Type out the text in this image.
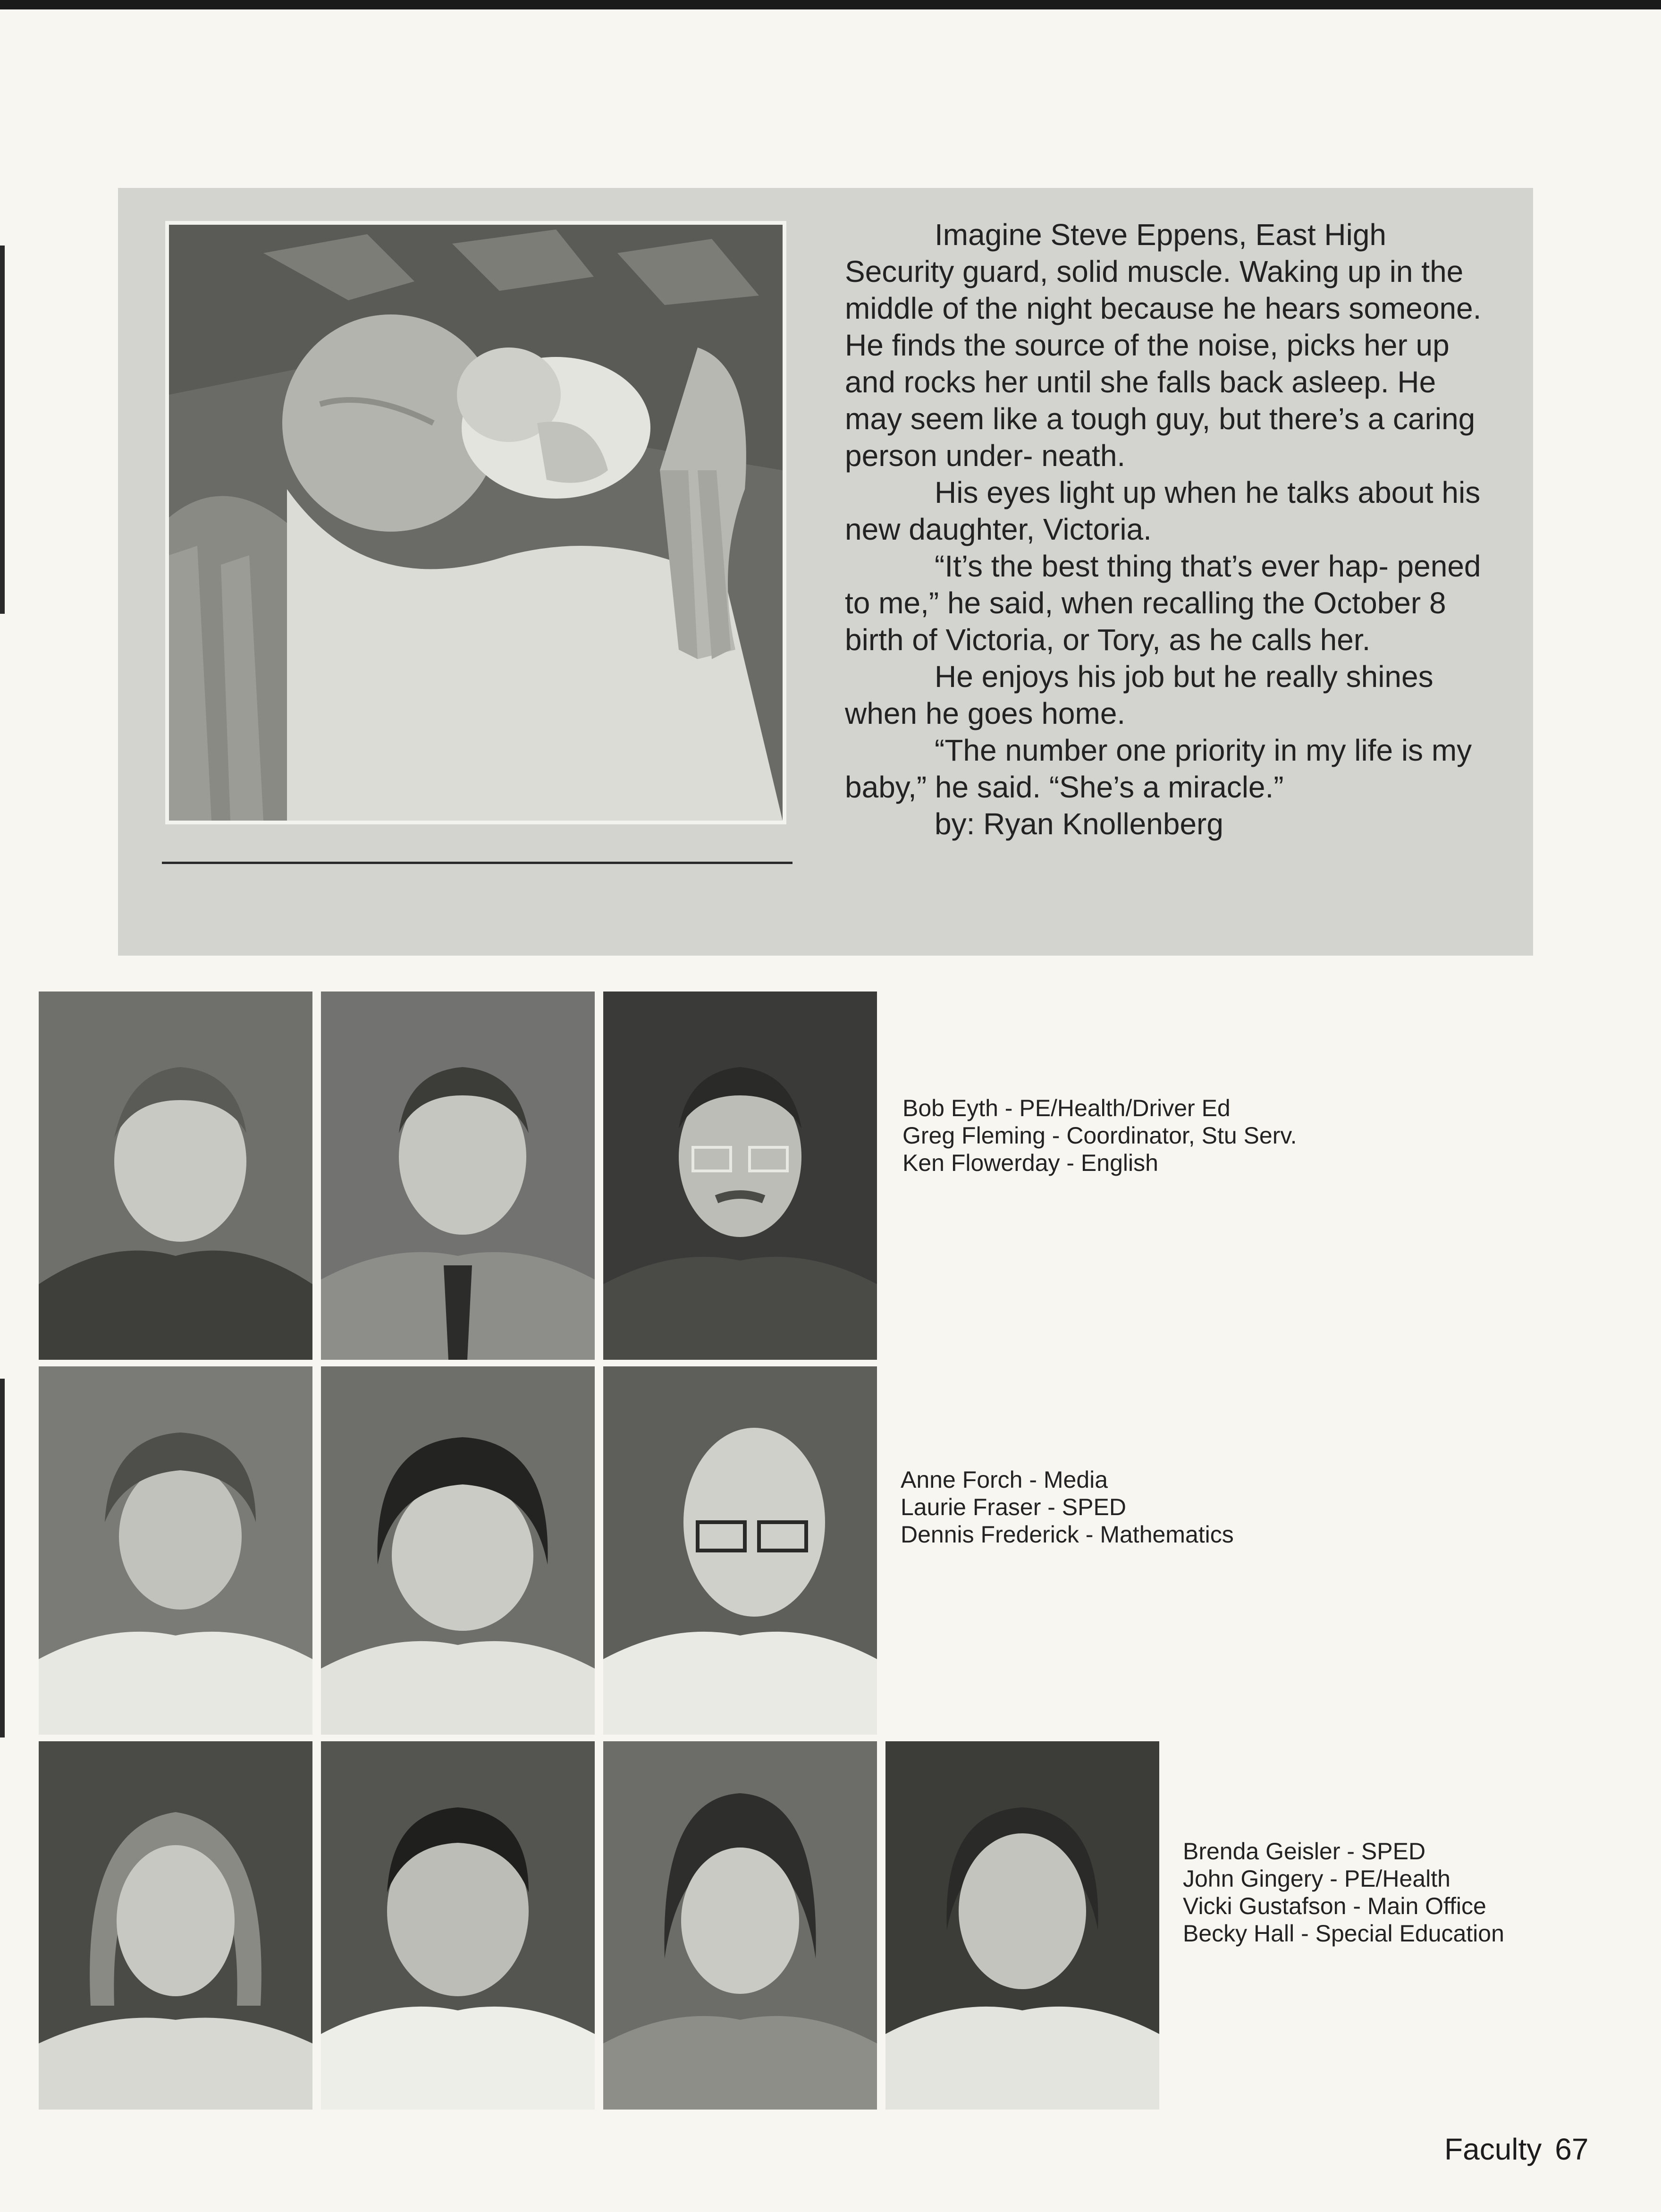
Imagine Steve Eppens, East High Security guard, solid muscle. Waking up in the middle of the night because he hears someone. He finds the source of the noise, picks her up and rocks her until she falls back asleep. He may seem like a tough guy, but there’s a caring person under- neath.

His eyes light up when he talks about his new daughter, Victoria.

“It’s the best thing that’s ever hap- pened to me,” he said, when recalling the October 8 birth of Victoria, or Tory, as he calls her.

He enjoys his job but he really shines when he goes home.

“The number one priority in my life is my baby,” he said. “She’s a miracle.”

by: Ryan Knollenberg
Bob Eyth - PE/Health/Driver Ed
Greg Fleming - Coordinator, Stu Serv.
Ken Flowerday - English
Anne Forch - Media
Laurie Fraser - SPED
Dennis Frederick - Mathematics
Brenda Geisler - SPED
John Gingery - PE/Health
Vicki Gustafson - Main Office
Becky Hall - Special Education
Faculty 67
